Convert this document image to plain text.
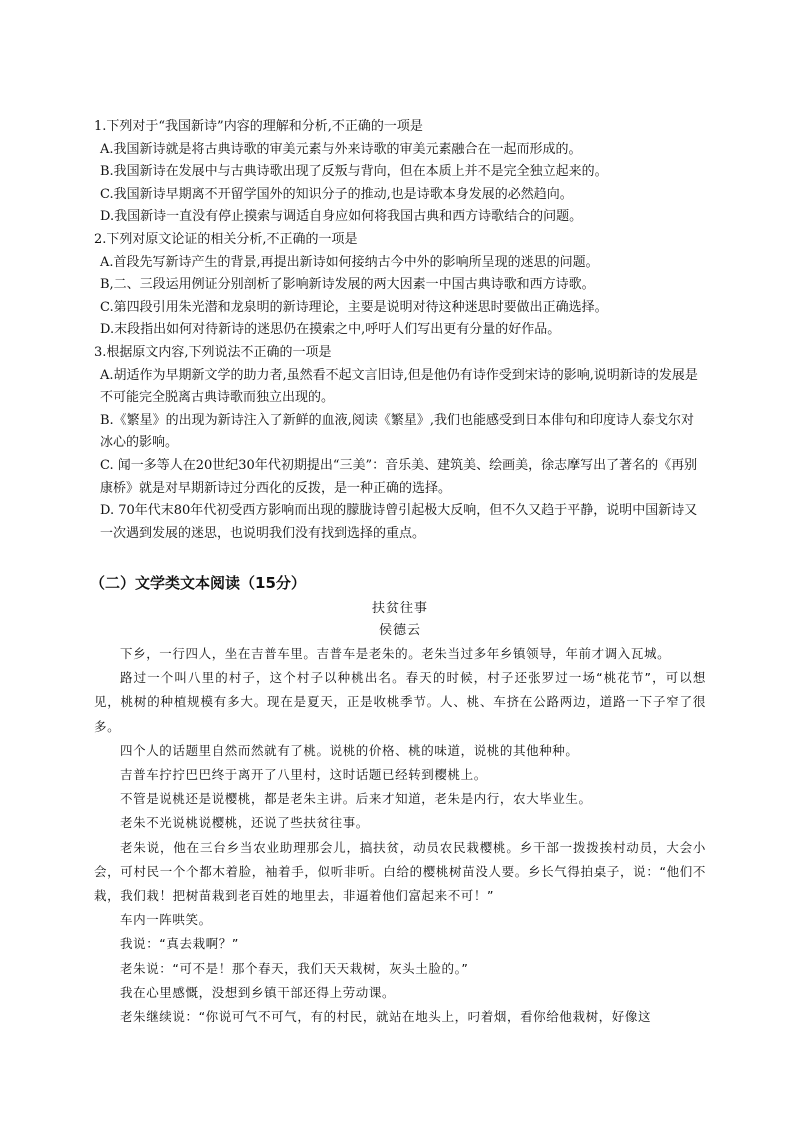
1.下列对于“我国新诗”内容的理解和分析,不正确的一项是
A.我国新诗就是将古典诗歌的审美元素与外来诗歌的审美元素融合在一起而形成的。
B.我国新诗在发展中与古典诗歌出现了反叛与背向，但在本质上并不是完全独立起来的。
C.我国新诗早期离不开留学国外的知识分子的推动,也是诗歌本身发展的必然趋向。
D.我国新诗一直没有停止摸索与调适自身应如何将我国古典和西方诗歌结合的问题。
2.下列对原文论证的相关分析,不正确的一项是
A.首段先写新诗产生的背景,再提出新诗如何接纳古今中外的影响所呈现的迷思的问题。
B,二、三段运用例证分别剖析了影响新诗发展的两大因素一中国古典诗歌和西方诗歌。
C.第四段引用朱光潜和龙泉明的新诗理论，主要是说明对待这种迷思时要做出正确选择。
D.末段指出如何对待新诗的迷思仍在摸索之中,呼吁人们写出更有分量的好作品。
3.根据原文内容,下列说法不正确的一项是
A.胡适作为早期新文学的助力者,虽然看不起文言旧诗,但是他仍有诗作受到宋诗的影响,说明新诗的发展是不可能完全脱离古典诗歌而独立出现的。
B.《繁星》的出现为新诗注入了新鲜的血液,阅读《繁星》,我们也能感受到日本俳句和印度诗人泰戈尔对冰心的影响。
C. 闻一多等人在20世纪30年代初期提出“三美”：音乐美、建筑美、绘画美，徐志摩写出了著名的《再别康桥》就是对早期新诗过分西化的反拨，是一种正确的选择。
D. 70年代末80年代初受西方影响而出现的朦胧诗曾引起极大反响，但不久又趋于平静，说明中国新诗又一次遇到发展的迷思，也说明我们没有找到选择的重点。
（二）文学类文本阅读（15分）
扶贫往事
侯德云
下乡，一行四人，坐在吉普车里。吉普车是老朱的。老朱当过多年乡镇领导，年前才调入瓦城。
路过一个叫八里的村子，这个村子以种桃出名。春天的时候，村子还张罗过一场“桃花节”，可以想见，桃树的种植规模有多大。现在是夏天，正是收桃季节。人、桃、车挤在公路两边，道路一下子窄了很多。
四个人的话题里自然而然就有了桃。说桃的价格、桃的味道，说桃的其他种种。
吉普车拧拧巴巴终于离开了八里村，这时话题已经转到樱桃上。
不管是说桃还是说樱桃，都是老朱主讲。后来才知道，老朱是内行，农大毕业生。
老朱不光说桃说樱桃，还说了些扶贫往事。
老朱说，他在三台乡当农业助理那会儿，搞扶贫，动员农民栽樱桃。乡干部一拨拨挨村动员，大会小会，可村民一个个都木着脸，袖着手，似听非听。白给的樱桃树苗没人要。乡长气得拍桌子，说：“他们不栽，我们栽！把树苗栽到老百姓的地里去，非逼着他们富起来不可！”
车内一阵哄笑。
我说：“真去栽啊？”
老朱说：“可不是！那个春天，我们天天栽树，灰头土脸的。”
我在心里感慨，没想到乡镇干部还得上劳动课。
老朱继续说：“你说可气不可气，有的村民，就站在地头上，叼着烟，看你给他栽树，好像这
